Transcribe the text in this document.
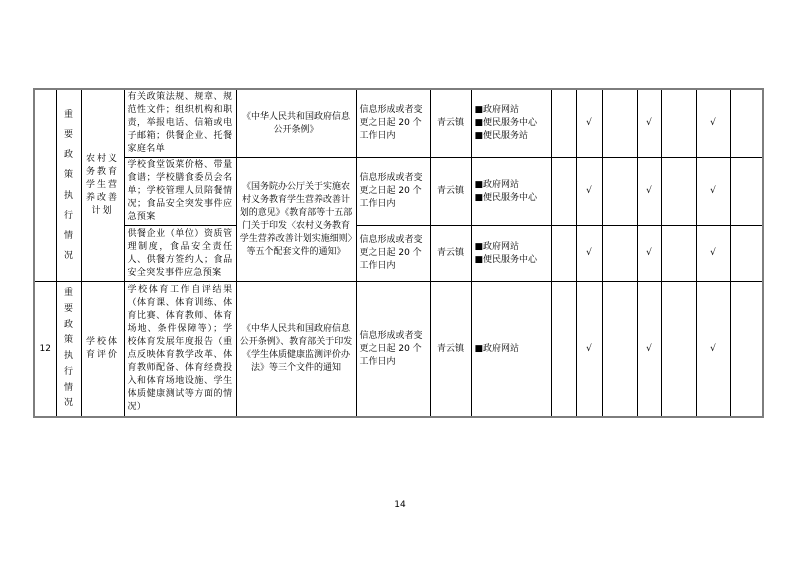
	重要政策执行情况	农村义务教育学生营养改善计划	有关政策法规、规章、规范性文件；组织机构和职责，举报电话、信箱或电子邮箱；供餐企业、托餐家庭名单	《中华人民共和国政府信息公开条例》	信息形成或者变更之日起 20 个工作日内	青云镇	■政府网站
■便民服务中心
■便民服务站		√		√		√	
			学校食堂饭菜价格、带量食谱；学校膳食委员会名单；学校管理人员陪餐情况；食品安全突发事件应急预案	《国务院办公厅关于实施农村义务教育学生营养改善计划的意见》《教育部等十五部门关于印发〈农村义务教育学生营养改善计划实施细则〉等五个配套文件的通知》	信息形成或者变更之日起 20 个工作日内	青云镇	■政府网站
■便民服务中心		√		√		√	
			供餐企业（单位）资质管理制度，食品安全责任人、供餐方签约人；食品安全突发事件应急预案		信息形成或者变更之日起 20 个工作日内	青云镇	■政府网站
■便民服务中心		√		√		√	
12	重要政策执行情况	学校体育评价	学校体育工作自评结果（体育课、体育训练、体育比赛、体育教师、体育场地、条件保障等）；学校体育发展年度报告（重点反映体育教学改革、体育教师配备、体育经费投入和体育场地设施、学生体质健康测试等方面的情况）	《中华人民共和国政府信息公开条例》、教育部关于印发《学生体质健康监测评价办法》等三个文件的通知	信息形成或者变更之日起 20 个工作日内	青云镇	■政府网站		√		√		√	
14
